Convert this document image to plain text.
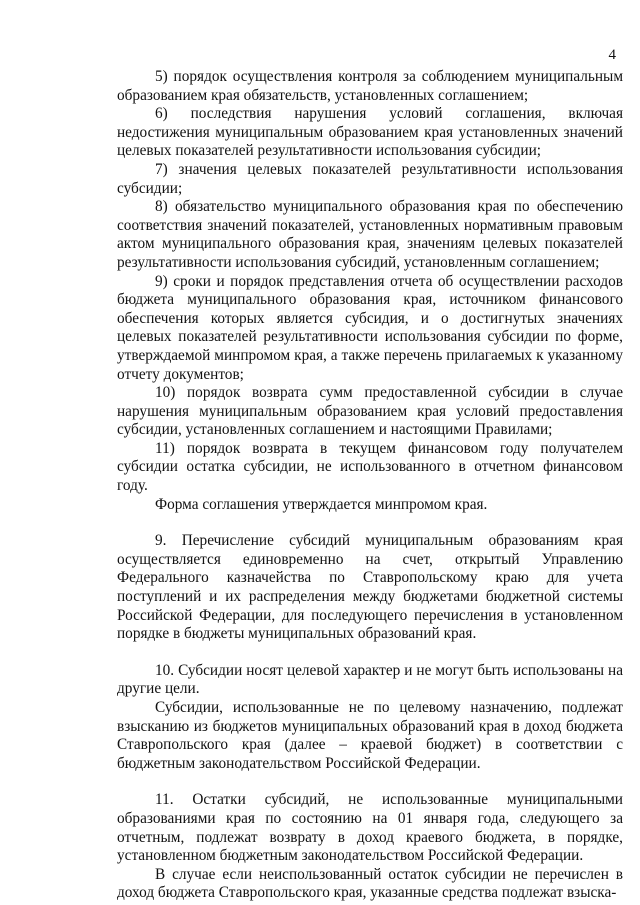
4

5) порядок осуществления контроля за соблюдением муниципальным образованием края обязательств, установленных соглашением;

6) последствия нарушения условий соглашения, включая недостижения муниципальным образованием края установленных значений целевых показателей результативности использования субсидии;

7) значения целевых показателей результативности использования субсидии;

8) обязательство муниципального образования края по обеспечению соответствия значений показателей, установленных нормативным правовым актом муниципального образования края, значениям целевых показателей результативности использования субсидий, установленным соглашением;

9) сроки и порядок представления отчета об осуществлении расходов бюджета муниципального образования края, источником финансового обеспечения которых является субсидия, и о достигнутых значениях целевых показателей результативности использования субсидии по форме, утверждаемой минпромом края, а также перечень прилагаемых к указанному отчету документов;

10) порядок возврата сумм предоставленной субсидии в случае нарушения муниципальным образованием края условий предоставления субсидии, установленных соглашением и настоящими Правилами;

11) порядок возврата в текущем финансовом году получателем субсидии остатка субсидии, не использованного в отчетном финансовом году.

Форма соглашения утверждается минпромом края.

9. Перечисление субсидий муниципальным образованиям края осуществляется единовременно на счет, открытый Управлению Федерального казначейства по Ставропольскому краю для учета поступлений и их распределения между бюджетами бюджетной системы Российской Федерации, для последующего перечисления в установленном порядке в бюджеты муниципальных образований края.

10. Субсидии носят целевой характер и не могут быть использованы на другие цели.

Субсидии, использованные не по целевому назначению, подлежат взысканию из бюджетов муниципальных образований края в доход бюджета Ставропольского края (далее – краевой бюджет) в соответствии с бюджетным законодательством Российской Федерации.

11. Остатки субсидий, не использованные муниципальными образованиями края по состоянию на 01 января года, следующего за отчетным, подлежат возврату в доход краевого бюджета, в порядке, установленном бюджетным законодательством Российской Федерации.

В случае если неиспользованный остаток субсидии не перечислен в доход бюджета Ставропольского края, указанные средства подлежат взыска-
